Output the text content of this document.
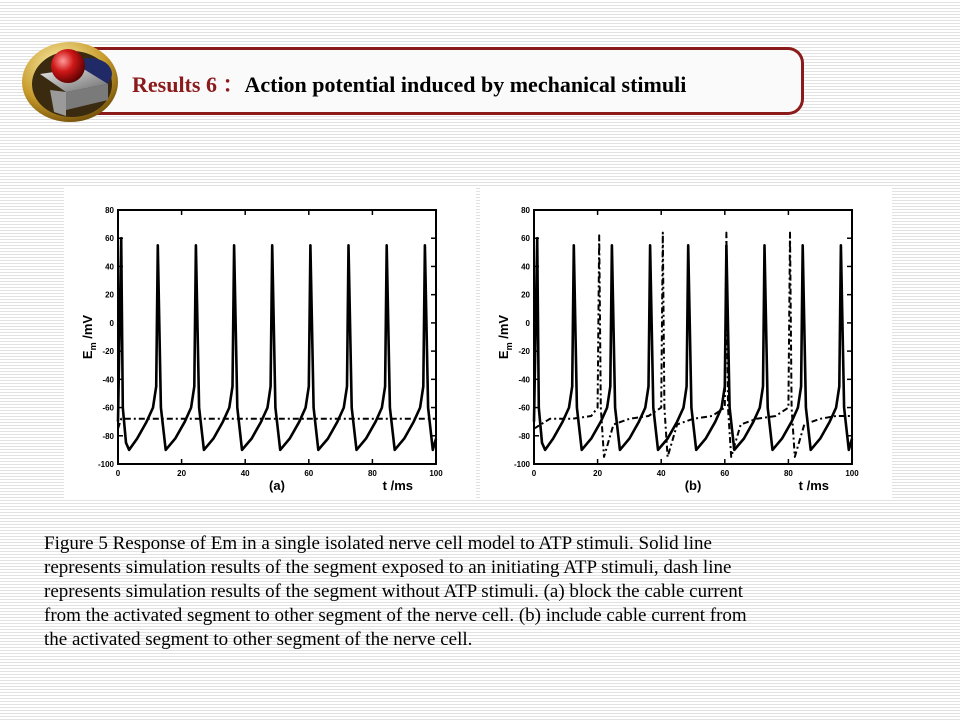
Results 6 ：Action potential induced by mechanical stimuli
80
60
40
20
0
-20
-40
-60
-80
-100
0	20	40	60	80	100
(a)	t /ms
$E_m$ /mV
80
60
40
20
0
-20
-40
-60
-80
-100
0	20	40	60	80	100
(b)	t /ms
$E_m$ /mV

Figure 5 Response of Em in a single isolated nerve cell model to ATP stimuli. Solid line

represents simulation results of the segment exposed to an initiating ATP stimuli, dash line

represents simulation results of the segment without ATP stimuli. (a) block the cable current

from the activated segment to other segment of the nerve cell. (b) include cable current from

the activated segment to other segment of the nerve cell.
